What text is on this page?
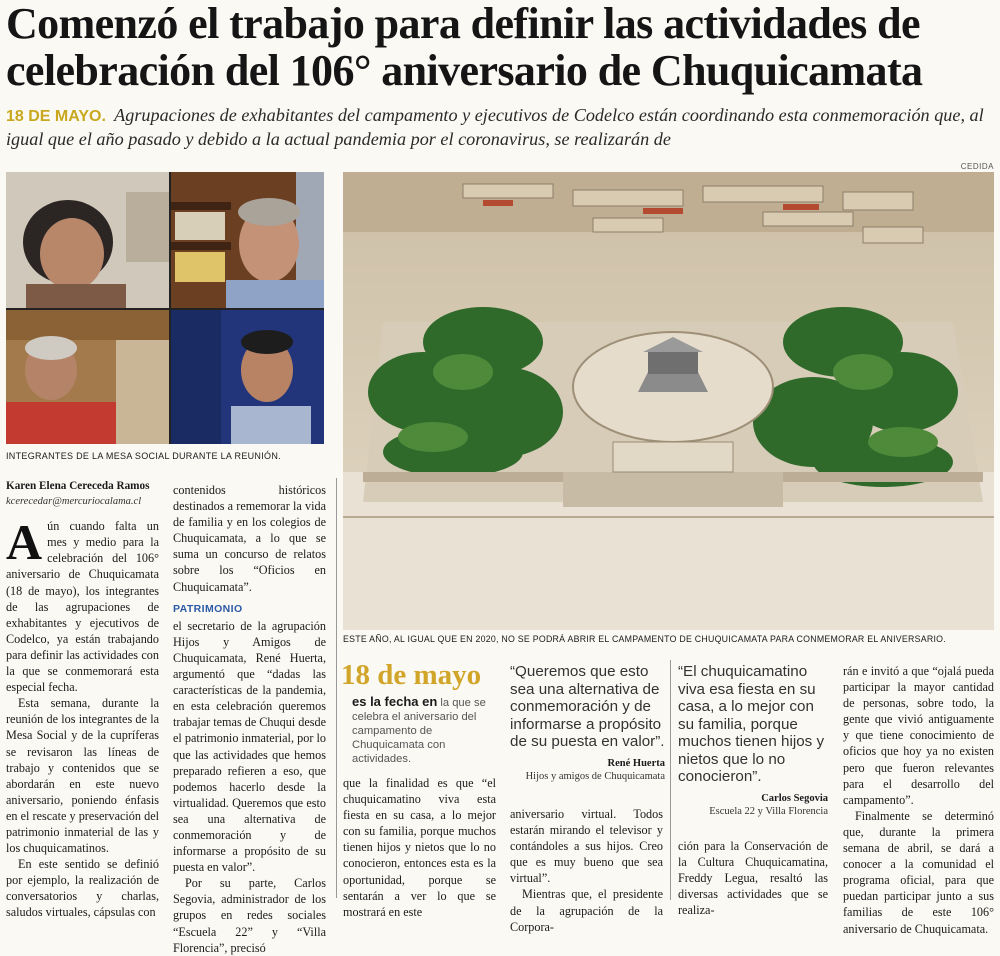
Comenzó el trabajo para definir las actividades de celebración del 106° aniversario de Chuquicamata

18 DE MAYO. Agrupaciones de exhabitantes del campamento y ejecutivos de Codelco están coordinando esta conmemoración que, al igual que el año pasado y debido a la actual pandemia por el coronavirus, se realizarán de

CEDIDA
INTEGRANTES DE LA MESA SOCIAL DURANTE LA REUNIÓN.
ESTE AÑO, AL IGUAL QUE EN 2020, NO SE PODRÁ ABRIR EL CAMPAMENTO DE CHUQUICAMATA PARA CONMEMORAR EL ANIVERSARIO.

Karen Elena Cereceda Ramos

kcerecedar@mercuriocalama.cl

Aún cuando falta un mes y medio para la celebración del 106° aniversario de Chuquicamata (18 de mayo), los integrantes de las agrupaciones de exhabitantes y ejecutivos de Codelco, ya están trabajando para definir las actividades con la que se conmemorará esta especial fecha.

Esta semana, durante la reunión de los integrantes de la Mesa Social y de la cupríferas se revisaron las líneas de trabajo y contenidos que se abordarán en este nuevo aniversario, poniendo énfasis en el rescate y preservación del patrimonio inmaterial de las y los chuquicamatinos.

En este sentido se definió por ejemplo, la realización de conversatorios y charlas, saludos virtuales, cápsulas con

contenidos históricos destinados a rememorar la vida de familia y en los colegios de Chuquicamata, a lo que se suma un concurso de relatos sobre los “Oficios en Chuquicamata”.

PATRIMONIO

el secretario de la agrupación Hijos y Amigos de Chuquicamata, René Huerta, argumentó que “dadas las características de la pandemia, en esta celebración queremos trabajar temas de Chuqui desde el patrimonio inmaterial, por lo que las actividades que hemos preparado refieren a eso, que podemos hacerlo desde la virtualidad. Queremos que esto sea una alternativa de conmemoración y de informarse a propósito de su puesta en valor”.

Por su parte, Carlos Segovia, administrador de los grupos en redes sociales “Escuela 22” y “Villa Florencia”, precisó

18 de mayo
es la fecha en la que se celebra el aniversario del campamento de Chuquicamata con actividades.

que la finalidad es que “el chuquicamatino viva esta fiesta en su casa, a lo mejor con su familia, porque muchos tienen hijos y nietos que lo no conocieron, entonces esta es la oportunidad, porque se sentarán a ver lo que se mostrará en este

“Queremos que esto sea una alternativa de conmemoración y de informarse a propósito de su puesta en valor”.
René Huerta
Hijos y amigos de Chuquicamata

aniversario virtual. Todos estarán mirando el televisor y contándoles a sus hijos. Creo que es muy bueno que sea virtual”.

Mientras que, el presidente de la agrupación de la Corpora-

“El chuquicamatino viva esa fiesta en su casa, a lo mejor con su familia, porque muchos tienen hijos y nietos que lo no conocieron”.
Carlos Segovia
Escuela 22 y Villa Florencia

ción para la Conservación de la Cultura Chuquicamatina, Freddy Legua, resaltó las diversas actividades que se realiza-

rán e invitó a que “ojalá pueda participar la mayor cantidad de personas, sobre todo, la gente que vivió antiguamente y que tiene conocimiento de oficios que hoy ya no existen pero que fueron relevantes para el desarrollo del campamento”.

Finalmente se determinó que, durante la primera semana de abril, se dará a conocer a la comunidad el programa oficial, para que puedan participar junto a sus familias de este 106° aniversario de Chuquicamata.
